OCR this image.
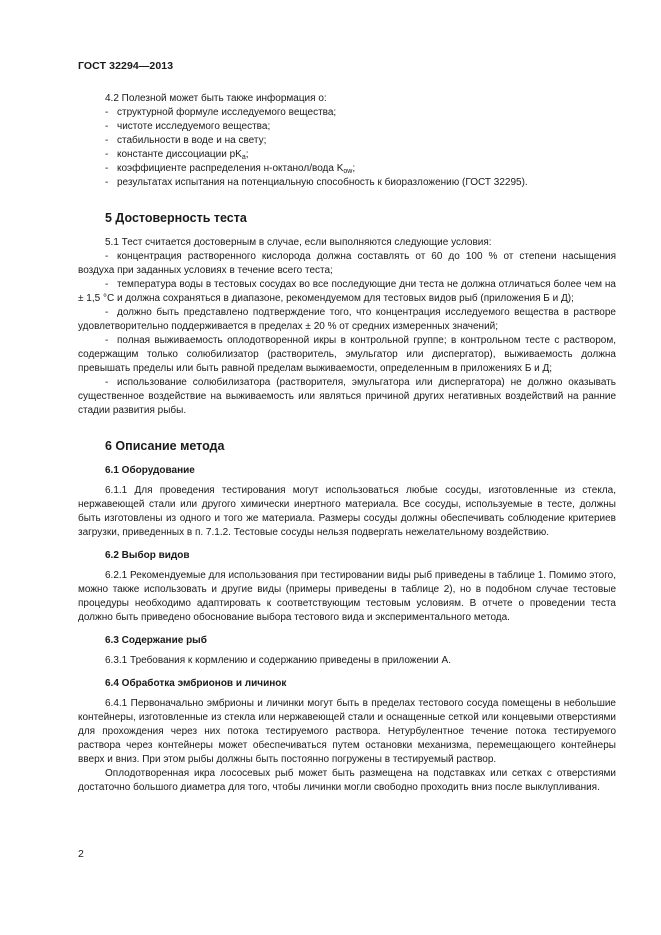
ГОСТ 32294—2013

4.2 Полезной может быть также информация о:

- структурной формуле исследуемого вещества;

- чистоте исследуемого вещества;

- стабильности в воде и на свету;

- константе диссоциации $pK_a$;

- коэффициенте распределения н-октанол/вода $K_{ow}$;

- результатах испытания на потенциальную способность к биоразложению (ГОСТ 32295).

5 Достоверность теста

5.1 Тест считается достоверным в случае, если выполняются следующие условия:

- концентрация растворенного кислорода должна составлять от 60 до 100 % от степени насыщения воздуха при заданных условиях в течение всего теста;

- температура воды в тестовых сосудах во все последующие дни теста не должна отличаться более чем на ± 1,5 °C и должна сохраняться в диапазоне, рекомендуемом для тестовых видов рыб (приложения Б и Д);

- должно быть представлено подтверждение того, что концентрация исследуемого вещества в растворе удовлетворительно поддерживается в пределах ± 20 % от средних измеренных значений;

- полная выживаемость оплодотворенной икры в контрольной группе; в контрольном тесте с раствором, содержащим только солюбилизатор (растворитель, эмульгатор или диспергатор), выживаемость должна превышать пределы или быть равной пределам выживаемости, определенным в приложениях Б и Д;

- использование солюбилизатора (растворителя, эмульгатора или диспергатора) не должно оказывать существенное воздействие на выживаемость или являться причиной других негативных воздействий на ранние стадии развития рыбы.

6 Описание метода
6.1 Оборудование

6.1.1 Для проведения тестирования могут использоваться любые сосуды, изготовленные из стекла, нержавеющей стали или другого химически инертного материала. Все сосуды, используемые в тесте, должны быть изготовлены из одного и того же материала. Размеры сосуды должны обеспечивать соблюдение критериев загрузки, приведенных в п. 7.1.2. Тестовые сосуды нельзя подвергать нежелательному воздействию.

6.2 Выбор видов

6.2.1 Рекомендуемые для использования при тестировании виды рыб приведены в таблице 1. Помимо этого, можно также использовать и другие виды (примеры приведены в таблице 2), но в подобном случае тестовые процедуры необходимо адаптировать к соответствующим тестовым условиям. В отчете о проведении теста должно быть приведено обоснование выбора тестового вида и экспериментального метода.

6.3 Содержание рыб

6.3.1 Требования к кормлению и содержанию приведены в приложении А.

6.4 Обработка эмбрионов и личинок

6.4.1 Первоначально эмбрионы и личинки могут быть в пределах тестового сосуда помещены в небольшие контейнеры, изготовленные из стекла или нержавеющей стали и оснащенные сеткой или концевыми отверстиями для прохождения через них потока тестируемого раствора. Нетурбулентное течение потока тестируемого раствора через контейнеры может обеспечиваться путем остановки механизма, перемещающего контейнеры вверх и вниз. При этом рыбы должны быть постоянно погружены в тестируемый раствор.

Оплодотворенная икра лососевых рыб может быть размещена на подставках или сетках с отверстиями достаточно большого диаметра для того, чтобы личинки могли свободно проходить вниз после выклупливания.

2
